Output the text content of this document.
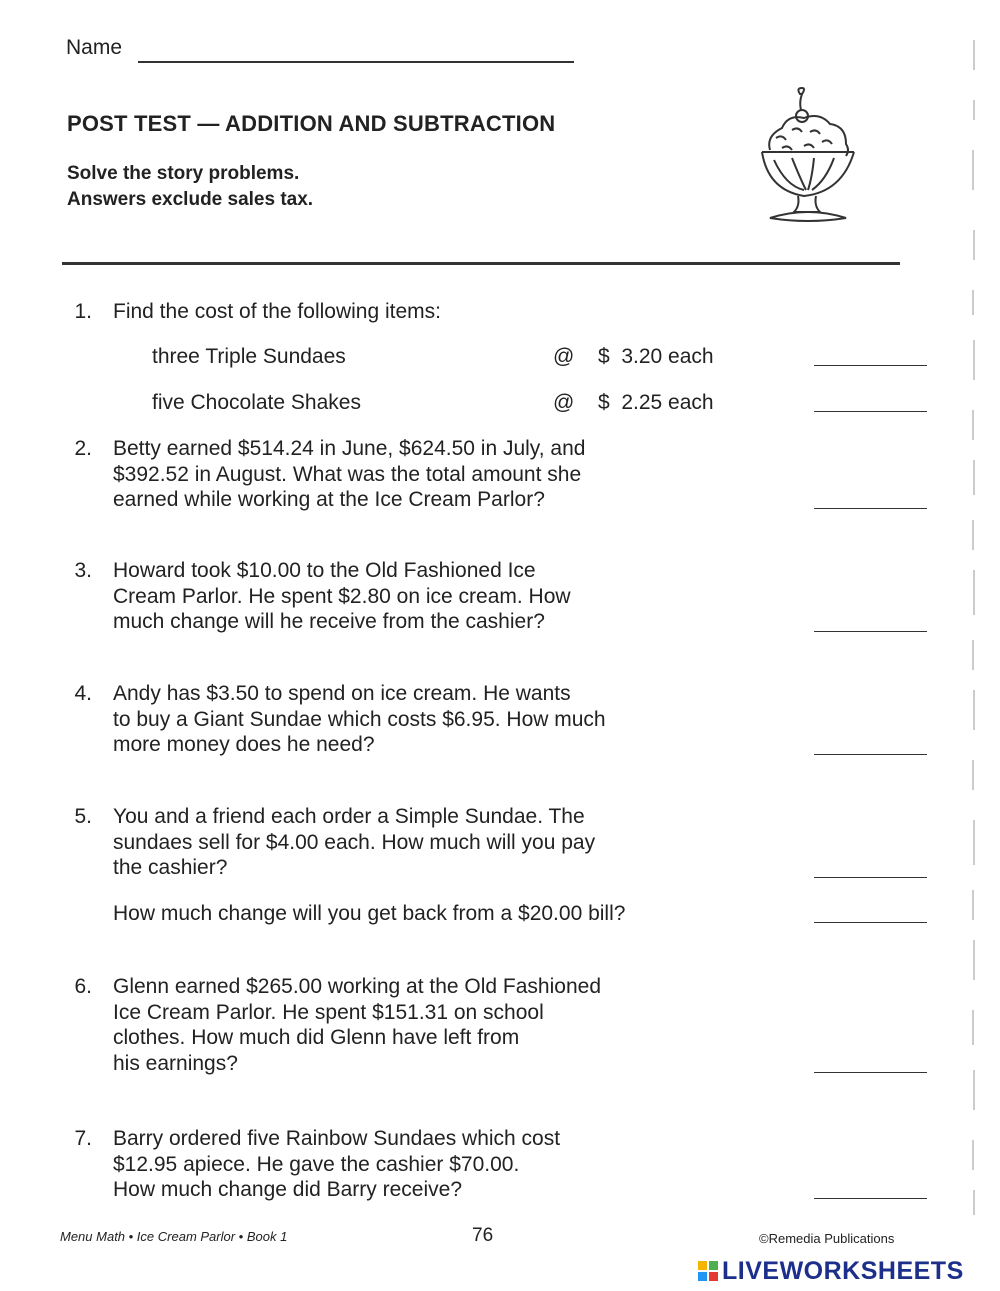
Name
POST TEST — ADDITION AND SUBTRACTION
Solve the story problems.
Answers exclude sales tax.
1. Find the cost of the following items:
three Triple Sundaes	@ $  3.20 each
five Chocolate Shakes	@ $  2.25 each
2. Betty earned $514.24 in June, $624.50 in July, and
$392.52 in August. What was the total amount she
earned while working at the Ice Cream Parlor?
3. Howard took $10.00 to the Old Fashioned Ice
Cream Parlor. He spent $2.80 on ice cream. How
much change will he receive from the cashier?
4. Andy has $3.50 to spend on ice cream. He wants
to buy a Giant Sundae which costs $6.95. How much
more money does he need?
5. You and a friend each order a Simple Sundae. The
sundaes sell for $4.00 each. How much will you pay
the cashier?
How much change will you get back from a $20.00 bill?
6. Glenn earned $265.00 working at the Old Fashioned
Ice Cream Parlor. He spent $151.31 on school
clothes. How much did Glenn have left from
his earnings?
7. Barry ordered five Rainbow Sundaes which cost
$12.95 apiece. He gave the cashier $70.00.
How much change did Barry receive?
Menu Math • Ice Cream Parlor • Book 1	76	©Remedia Publications
LIVEWORKSHEETS
